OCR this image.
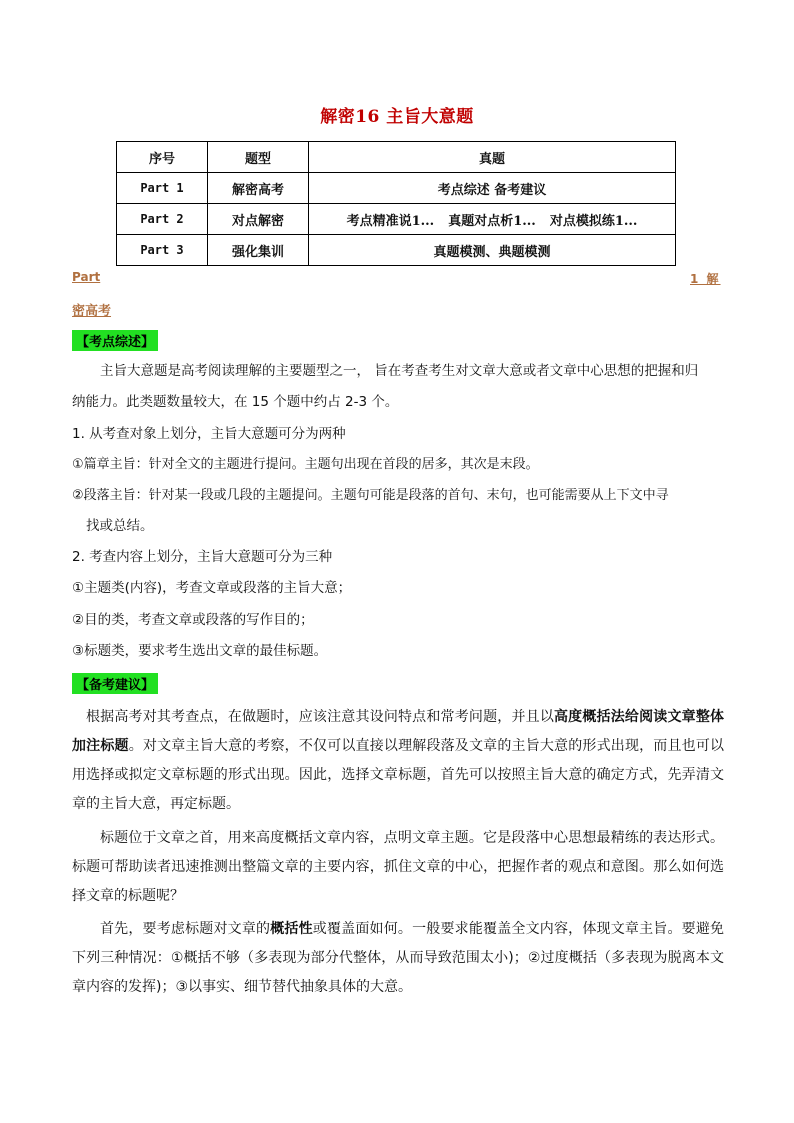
解密16 主旨大意题
序号	题型	真题
Part 1	解密高考	考点综述 备考建议
Part 2	对点解密	考点精准说1... 真题对点析1... 对点模拟练1...
Part 3	强化集训	真题模测、典题模测
Part	1 解
密高考
【考点综述】
主旨大意题是高考阅读理解的主要题型之一， 旨在考查考生对文章大意或者文章中心思想的把握和归
纳能力。此类题数量较大，在 15 个题中约占 2-3 个。
1. 从考查对象上划分，主旨大意题可分为两种
①篇章主旨：针对全文的主题进行提问。主题句出现在首段的居多，其次是末段。
②段落主旨：针对某一段或几段的主题提问。主题句可能是段落的首句、末句，也可能需要从上下文中寻
找或总结。
2. 考查内容上划分，主旨大意题可分为三种
①主题类(内容)，考查文章或段落的主旨大意；
②目的类，考查文章或段落的写作目的；
③标题类，要求考生选出文章的最佳标题。
【备考建议】
根据高考对其考查点，在做题时，应该注意其设问特点和常考问题，并且以高度概括法给阅读文章整体加注标题。对文章主旨大意的考察，不仅可以直接以理解段落及文章的主旨大意的形式出现，而且也可以用选择或拟定文章标题的形式出现。因此，选择文章标题，首先可以按照主旨大意的确定方式，先弄清文章的主旨大意，再定标题。
标题位于文章之首，用来高度概括文章内容，点明文章主题。它是段落中心思想最精练的表达形式。标题可帮助读者迅速推测出整篇文章的主要内容，抓住文章的中心，把握作者的观点和意图。那么如何选择文章的标题呢？
首先，要考虑标题对文章的概括性或覆盖面如何。一般要求能覆盖全文内容，体现文章主旨。要避免下列三种情况：①概括不够（多表现为部分代整体，从而导致范围太小)；②过度概括（多表现为脱离本文章内容的发挥)；③以事实、细节替代抽象具体的大意。
